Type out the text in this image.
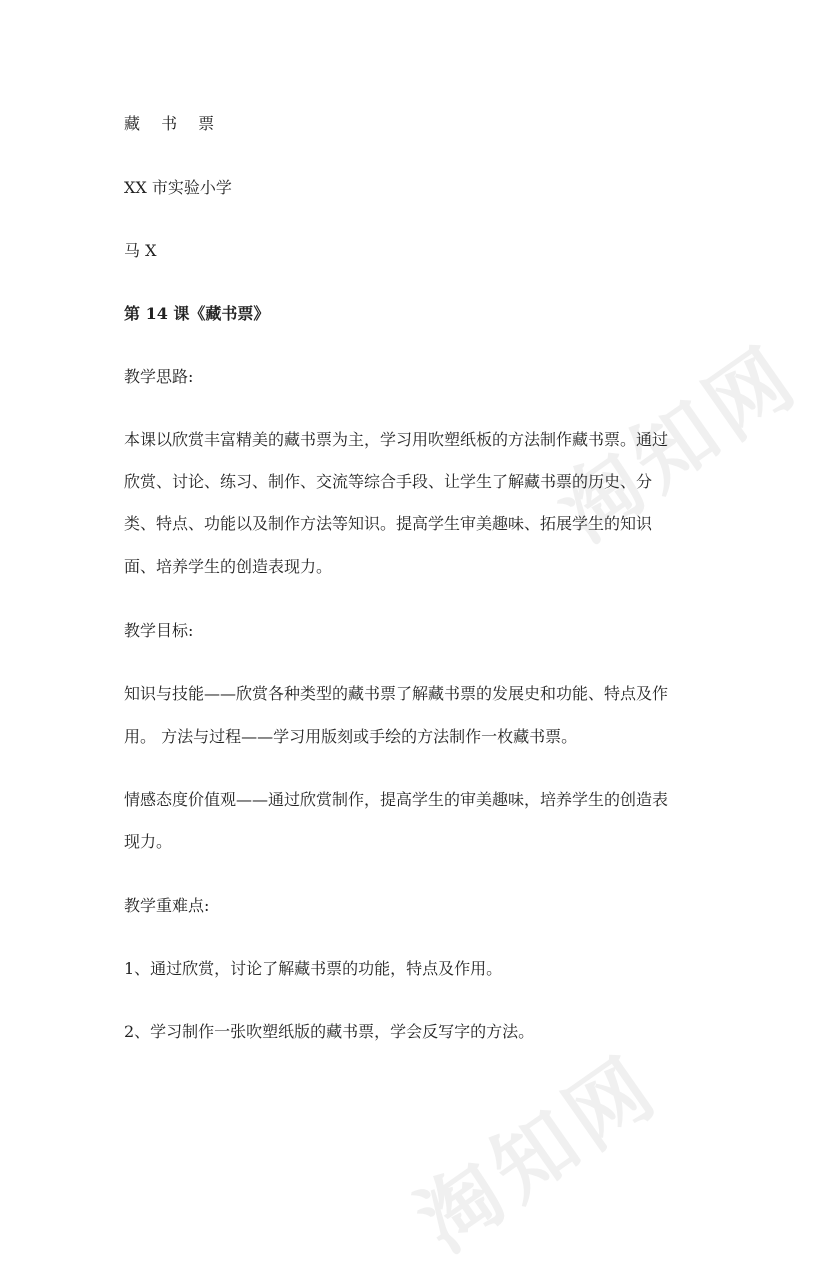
淘知网
淘知网
藏 书 票
XX 市实验小学
马 X
第 14 课《藏书票》
教学思路:
本课以欣赏丰富精美的藏书票为主，学习用吹塑纸板的方法制作藏书票。通过
欣赏、讨论、练习、制作、交流等综合手段、让学生了解藏书票的历史、分
类、特点、功能以及制作方法等知识。提高学生审美趣味、拓展学生的知识
面、培养学生的创造表现力。
教学目标:
知识与技能——欣赏各种类型的藏书票了解藏书票的发展史和功能、特点及作
用。 方法与过程——学习用版刻或手绘的方法制作一枚藏书票。
情感态度价值观——通过欣赏制作，提高学生的审美趣味，培养学生的创造表
现力。
教学重难点:
1、通过欣赏，讨论了解藏书票的功能，特点及作用。
2、学习制作一张吹塑纸版的藏书票，学会反写字的方法。
